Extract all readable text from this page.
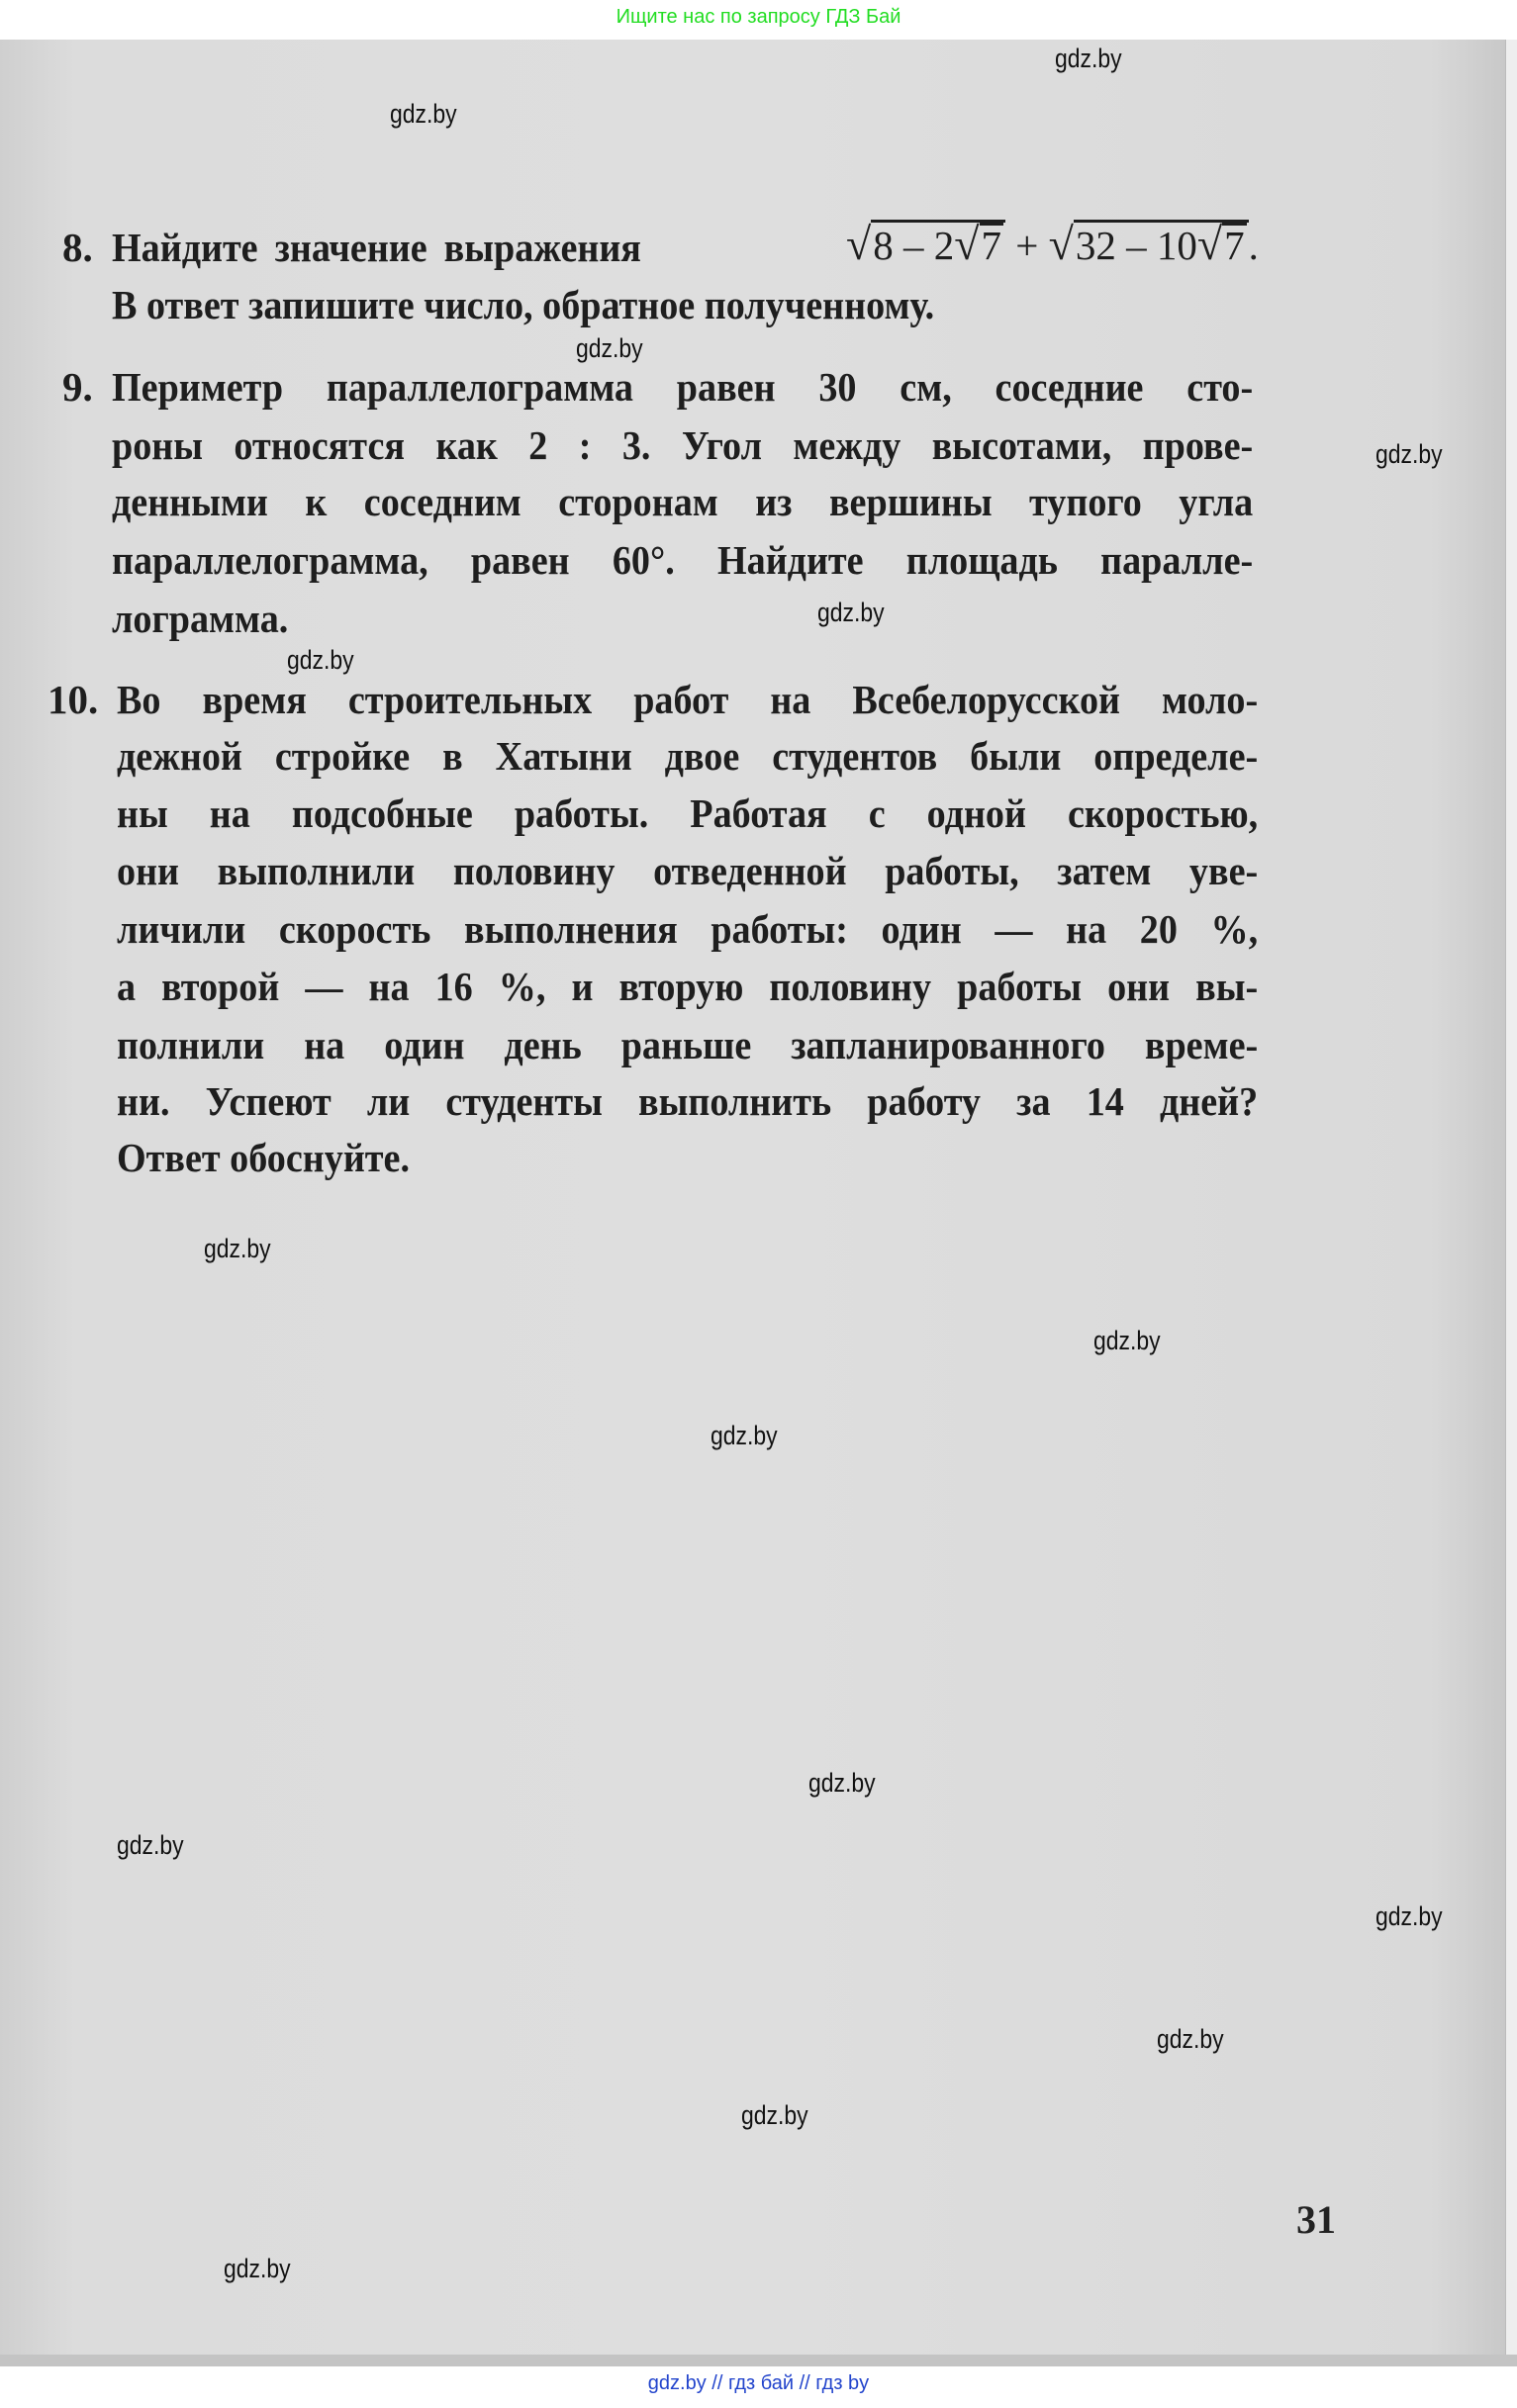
Ищите нас по запросу ГДЗ Бай
8. Найдите значение выражения	√8 – 2√7 + √32 – 10√7.
В ответ запишите число, обратное полученному.
9. Периметр параллелограмма равен 30 см, соседние сто-
роны относятся как 2 : 3. Угол между высотами, прове-
денными к соседним сторонам из вершины тупого угла
параллелограмма, равен 60°. Найдите площадь паралле-
лограмма.
10. Во время строительных работ на Всебелорусской моло-
дежной стройке в Хатыни двое студентов были определе-
ны на подсобные работы. Работая с одной скоростью,
они выполнили половину отведенной работы, затем уве-
личили скорость выполнения работы: один — на 20 %,
а второй — на 16 %, и вторую половину работы они вы-
полнили на один день раньше запланированного време-
ни. Успеют ли студенты выполнить работу за 14 дней?
Ответ обоснуйте.
31
gdz.by
gdz.by
gdz.by
gdz.by
gdz.by
gdz.by
gdz.by
gdz.by
gdz.by
gdz.by
gdz.by
gdz.by
gdz.by
gdz.by
gdz.by
gdz.by // гдз бай // гдз by
